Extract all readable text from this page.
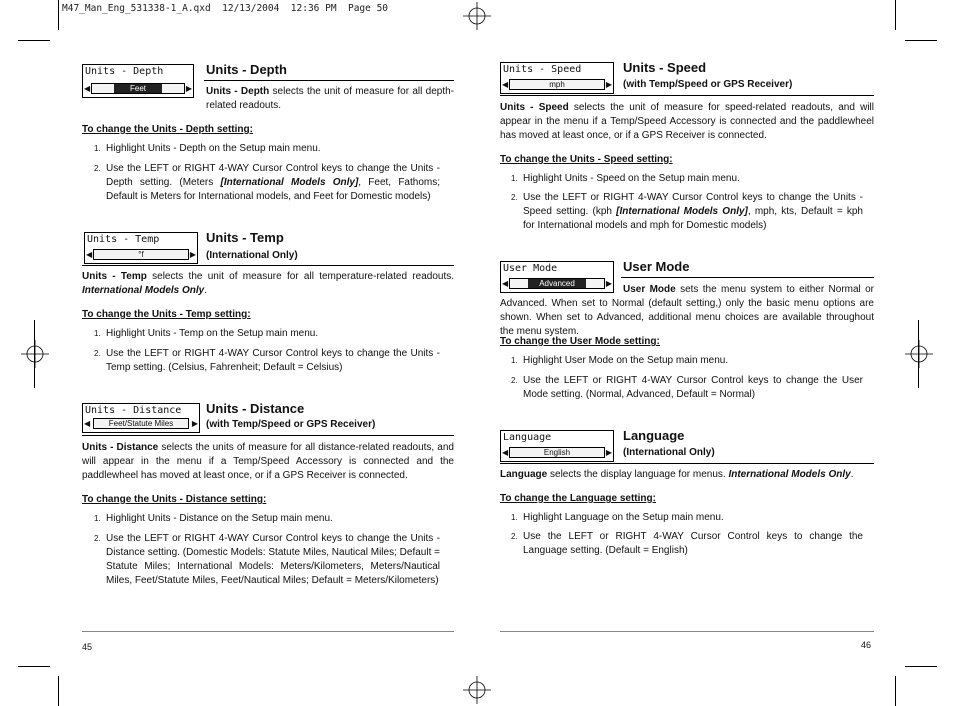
M47_Man_Eng_531338-1_A.qxd  12/13/2004  12:36 PM  Page 50
Units - Depth
◀	Feet	▶
Units - Depth
Units - Depth selects the unit of measure for all depth-related readouts.
To change the Units - Depth setting:
1. Highlight Units - Depth on the Setup main menu.
2. Use the LEFT or RIGHT 4-WAY Cursor Control keys to change the Units - Depth setting. (Meters [International Models Only], Feet, Fathoms; Default is Meters for International models, and Feet for Domestic models)
Units - Temp
◀	°f	▶
Units - Temp
(International Only)
Units - Temp selects the unit of measure for all temperature-related readouts. International Models Only.
To change the Units - Temp setting:
1. Highlight Units - Temp on the Setup main menu.
2. Use the LEFT or RIGHT 4-WAY Cursor Control keys to change the Units - Temp setting. (Celsius, Fahrenheit; Default = Celsius)
Units - Distance
◀	Feet/Statute Miles	▶
Units - Distance
(with Temp/Speed or GPS Receiver)
Units - Distance selects the units of measure for all distance-related readouts, and will appear in the menu if a Temp/Speed Accessory is connected and the paddlewheel has moved at least once, or if a GPS Receiver is connected.
To change the Units - Distance setting:
1. Highlight Units - Distance on the Setup main menu.
2. Use the LEFT or RIGHT 4-WAY Cursor Control keys to change the Units - Distance setting. (Domestic Models: Statute Miles, Nautical Miles; Default = Statute Miles; International Models: Meters/Kilometers, Meters/Nautical Miles, Feet/Statute Miles, Feet/Nautical Miles; Default = Meters/Kilometers)
45
Units - Speed
◀	mph	▶
Units - Speed
(with Temp/Speed or GPS Receiver)
Units - Speed selects the unit of measure for speed-related readouts, and will appear in the menu if a Temp/Speed Accessory is connected and the paddlewheel has moved at least once, or if a GPS Receiver is connected.
To change the Units - Speed setting:
1. Highlight Units - Speed on the Setup main menu.
2. Use the LEFT or RIGHT 4-WAY Cursor Control keys to change the Units - Speed setting. (kph [International Models Only], mph, kts, Default = kph for International models and mph for Domestic models)
User Mode
◀	Advanced	▶
User Mode
User Mode sets the menu system to either Normal or Advanced. When set to Normal (default setting,) only the basic menu options are shown. When set to Advanced, additional menu choices are available throughout the menu system.
To change the User Mode setting:
1. Highlight User Mode on the Setup main menu.
2. Use the LEFT or RIGHT 4-WAY Cursor Control keys to change the User Mode setting. (Normal, Advanced, Default = Normal)
Language
◀	English	▶
Language
(International Only)
Language selects the display language for menus. International Models Only.
To change the Language setting:
1. Highlight Language on the Setup main menu.
2. Use the LEFT or RIGHT 4-WAY Cursor Control keys to change the Language setting. (Default = English)
46
